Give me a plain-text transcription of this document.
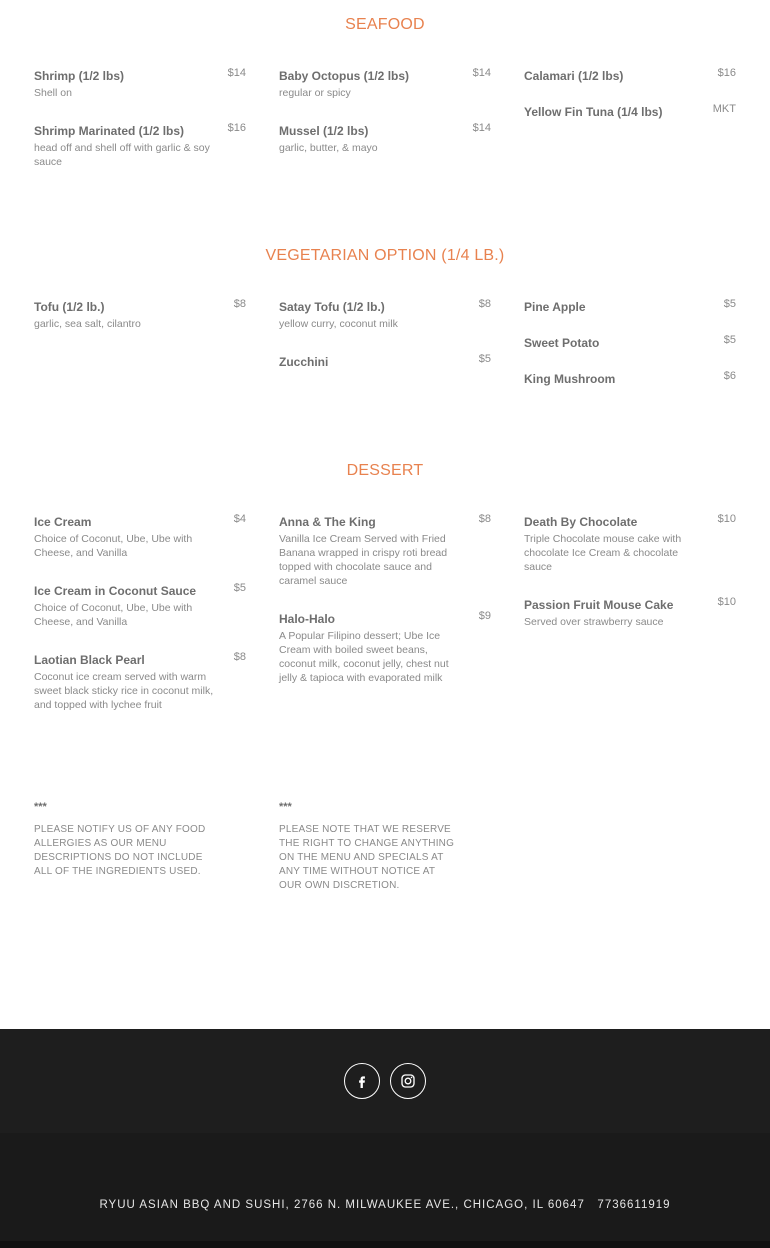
SEAFOOD
Shrimp (1/2 lbs)	$14
Shell on
Shrimp Marinated (1/2 lbs)	$16
head off and shell off with garlic & soy sauce
Baby Octopus (1/2 lbs)	$14
regular or spicy
Mussel (1/2 lbs)	$14
garlic, butter, & mayo
Calamari (1/2 lbs)	$16
Yellow Fin Tuna (1/4 lbs)	MKT
VEGETARIAN OPTION (1/4 LB.)
Tofu (1/2 lb.)	$8
garlic, sea salt, cilantro
Satay Tofu (1/2 lb.)	$8
yellow curry, coconut milk
Zucchini	$5
Pine Apple	$5
Sweet Potato	$5
King Mushroom	$6
DESSERT
Ice Cream	$4
Choice of Coconut, Ube, Ube with Cheese, and Vanilla
Ice Cream in Coconut Sauce	$5
Choice of Coconut, Ube, Ube with Cheese, and Vanilla
Laotian Black Pearl	$8
Coconut ice cream served with warm sweet black sticky rice in coconut milk, and topped with lychee fruit
Anna & The King	$8
Vanilla Ice Cream Served with Fried Banana wrapped in crispy roti bread topped with chocolate sauce and caramel sauce
Halo-Halo	$9
A Popular Filipino dessert; Ube Ice Cream with boiled sweet beans, coconut milk, coconut jelly, chest nut jelly & tapioca with evaporated milk
Death By Chocolate	$10
Triple Chocolate mouse cake with chocolate Ice Cream & chocolate sauce
Passion Fruit Mouse Cake	$10
Served over strawberry sauce
***
PLEASE NOTIFY US OF ANY FOOD ALLERGIES AS OUR MENU DESCRIPTIONS DO NOT INCLUDE ALL OF THE INGREDIENTS USED.
***
PLEASE NOTE THAT WE RESERVE THE RIGHT TO CHANGE ANYTHING ON THE MENU AND SPECIALS AT ANY TIME WITHOUT NOTICE AT OUR OWN DISCRETION.
RYUU ASIAN BBQ AND SUSHI, 2766 N. MILWAUKEE AVE., CHICAGO, IL 60647   7736611919
